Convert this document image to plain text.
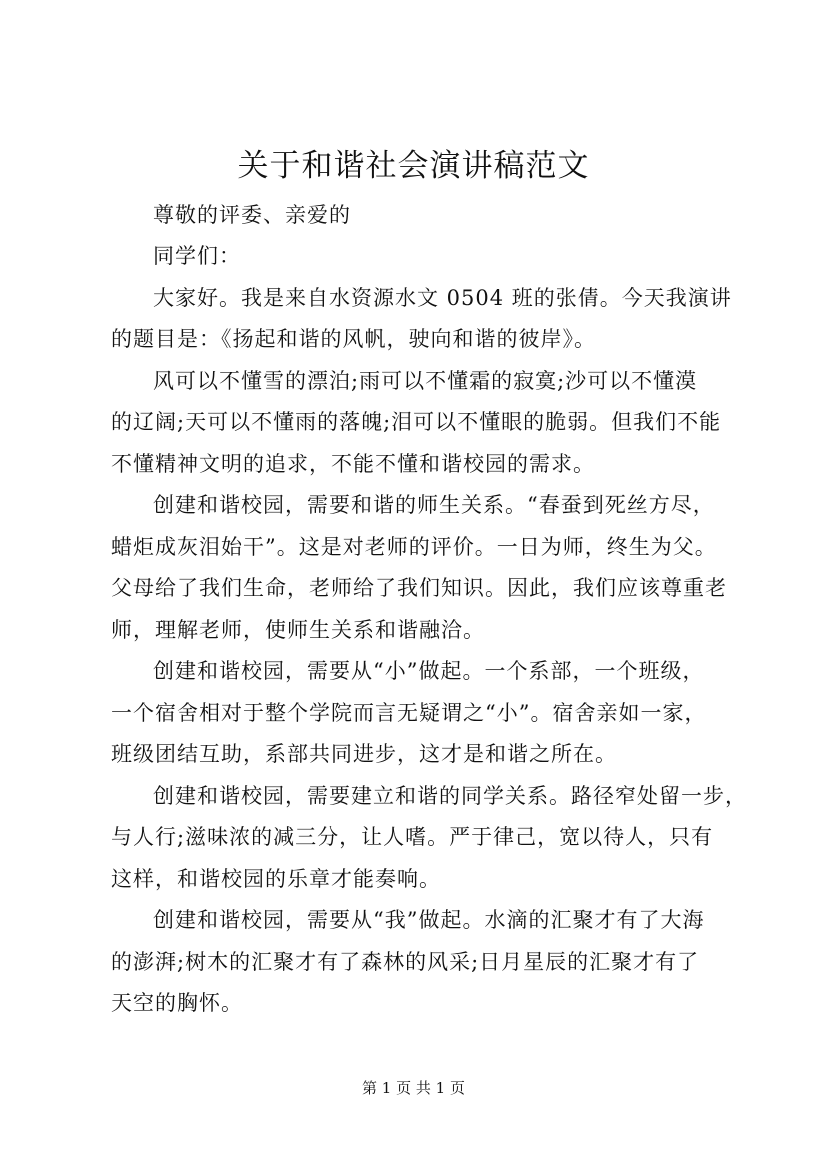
关于和谐社会演讲稿范文
尊敬的评委、亲爱的
同学们：
大家好。我是来自水资源水文 0504 班的张倩。今天我演讲
的题目是：《扬起和谐的风帆，驶向和谐的彼岸》。
风可以不懂雪的漂泊;雨可以不懂霜的寂寞;沙可以不懂漠
的辽阔;天可以不懂雨的落魄;泪可以不懂眼的脆弱。但我们不能
不懂精神文明的追求，不能不懂和谐校园的需求。
创建和谐校园，需要和谐的师生关系。“春蚕到死丝方尽，
蜡炬成灰泪始干”。这是对老师的评价。一日为师，终生为父。
父母给了我们生命，老师给了我们知识。因此，我们应该尊重老
师，理解老师，使师生关系和谐融洽。
创建和谐校园，需要从“小”做起。一个系部，一个班级，
一个宿舍相对于整个学院而言无疑谓之“小”。宿舍亲如一家，
班级团结互助，系部共同进步，这才是和谐之所在。
创建和谐校园，需要建立和谐的同学关系。路径窄处留一步，
与人行;滋味浓的减三分，让人嗜。严于律己，宽以待人，只有
这样，和谐校园的乐章才能奏响。
创建和谐校园，需要从“我”做起。水滴的汇聚才有了大海
的澎湃;树木的汇聚才有了森林的风采;日月星辰的汇聚才有了
天空的胸怀。
第 1 页 共 1 页
